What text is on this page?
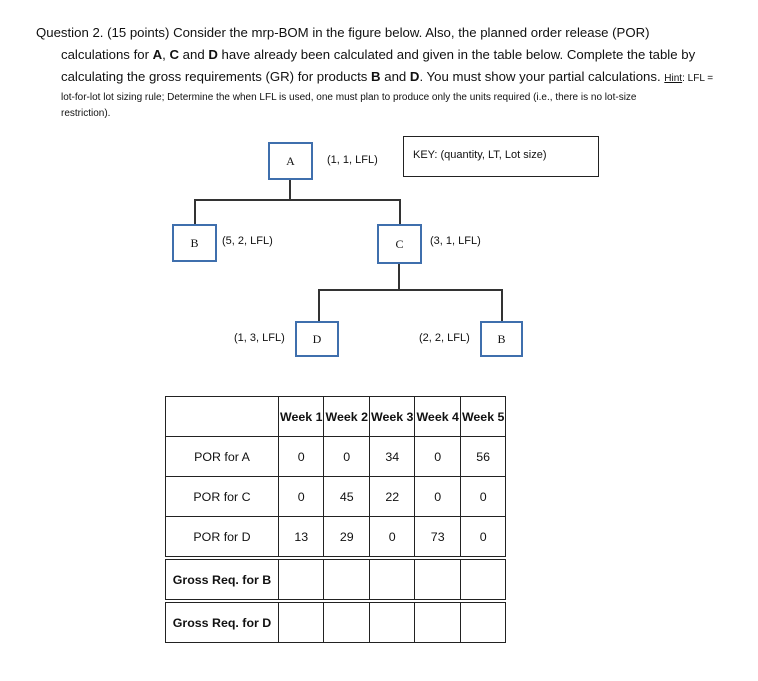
Question 2. (15 points) Consider the mrp-BOM in the figure below. Also, the planned order release (POR)
calculations for A, C and D have already been calculated and given in the table below. Complete the table by
calculating the gross requirements (GR) for products B and D. You must show your partial calculations. Hint: LFL =
lot-for-lot lot sizing rule; Determine the when LFL is used, one must plan to produce only the units required (i.e., there is no lot-size
restriction).
A	(1, 1, LFL)	KEY: (quantity, LT, Lot size)
B (5, 2, LFL)	C (3, 1, LFL)
(1, 3, LFL) D	(2, 2, LFL) B
	Week 1	Week 2	Week 3	Week 4	Week 5
POR for A	0	0	34	0	56
POR for C	0	45	22	0	0
POR for D	13	29	0	73	0
Gross Req. for B					
Gross Req. for D					
